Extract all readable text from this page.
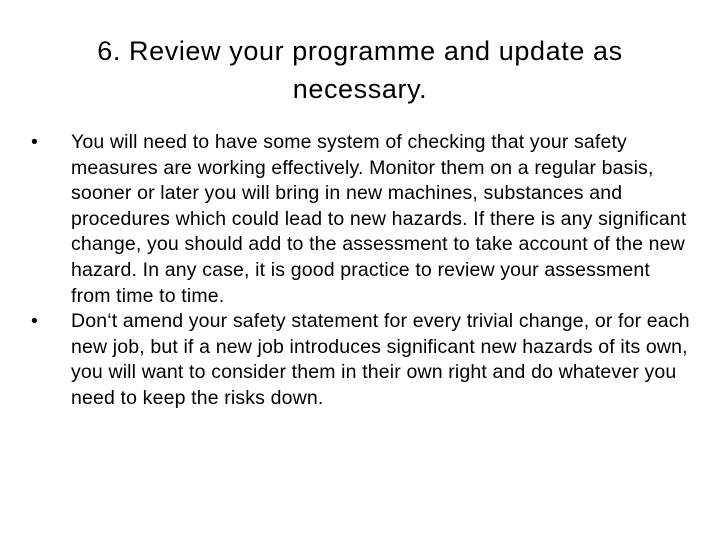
6. Review your programme and update as necessary.
• You will need to have some system of checking that your safety measures are working effectively. Monitor them on a regular basis, sooner or later you will bring in new machines, substances and procedures which could lead to new hazards. If there is any significant change, you should add to the assessment to take account of the new hazard. In any case, it is good practice to review your assessment from time to time.
• Don‘t amend your safety statement for every trivial change, or for each new job, but if a new job introduces significant new hazards of its own, you will want to consider them in their own right and do whatever you need to keep the risks down.
